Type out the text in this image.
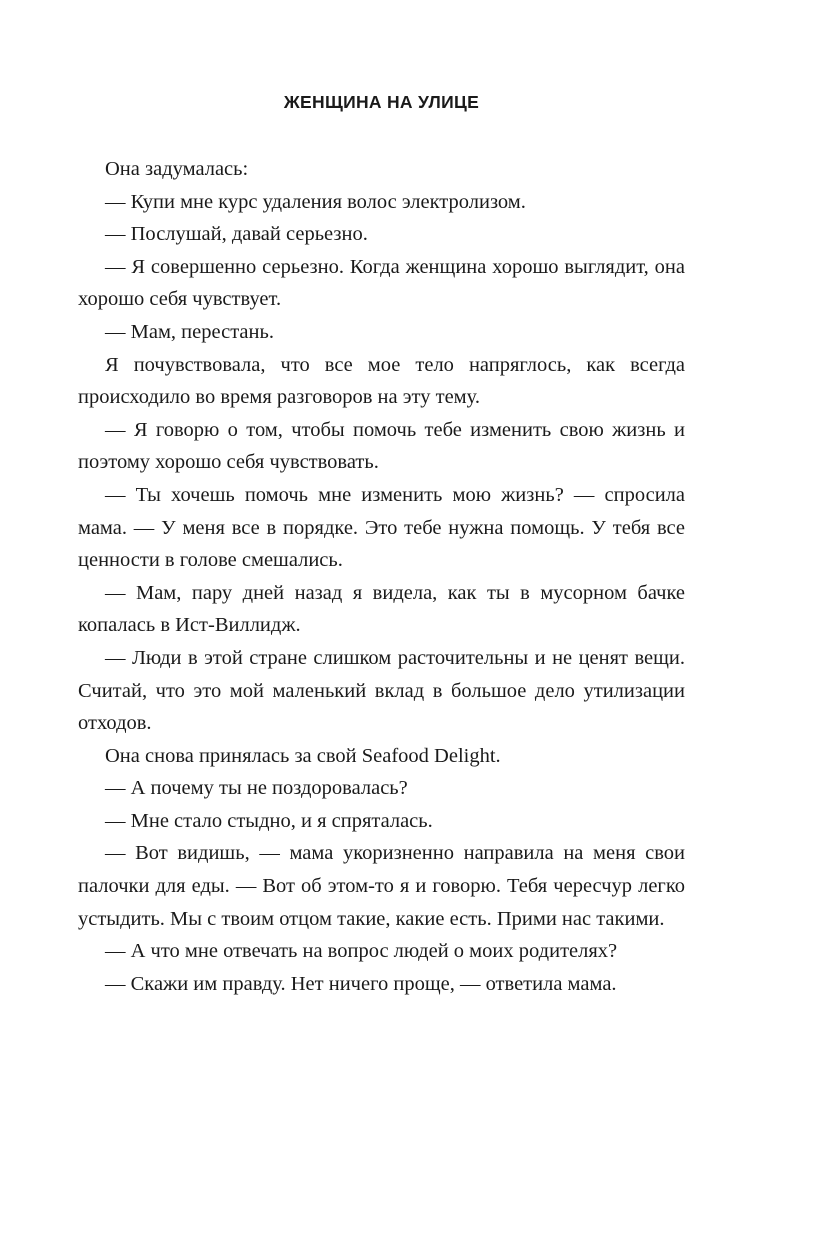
ЖЕНЩИНА НА УЛИЦЕ

Она задумалась:

— Купи мне курс удаления волос электролизом.

— Послушай, давай серьезно.

— Я совершенно серьезно. Когда женщина хорошо выглядит, она хорошо себя чувствует.

— Мам, перестань.

Я почувствовала, что все мое тело напряглось, как всегда происходило во время разговоров на эту тему.

— Я говорю о том, чтобы помочь тебе изменить свою жизнь и поэтому хорошо себя чувствовать.

— Ты хочешь помочь мне изменить мою жизнь? — спросила мама. — У меня все в порядке. Это тебе нужна помощь. У тебя все ценности в голове смешались.

— Мам, пару дней назад я видела, как ты в мусорном бачке копалась в Ист-Виллидж.

— Люди в этой стране слишком расточительны и не ценят вещи. Считай, что это мой маленький вклад в большое дело утилизации отходов.

Она снова принялась за свой Seafood Delight.

— А почему ты не поздоровалась?

— Мне стало стыдно, и я спряталась.

— Вот видишь, — мама укоризненно направила на меня свои палочки для еды. — Вот об этом-то я и говорю. Тебя чересчур легко устыдить. Мы с твоим отцом такие, какие есть. Прими нас такими.

— А что мне отвечать на вопрос людей о моих родителях?

— Скажи им правду. Нет ничего проще, — ответила мама.
